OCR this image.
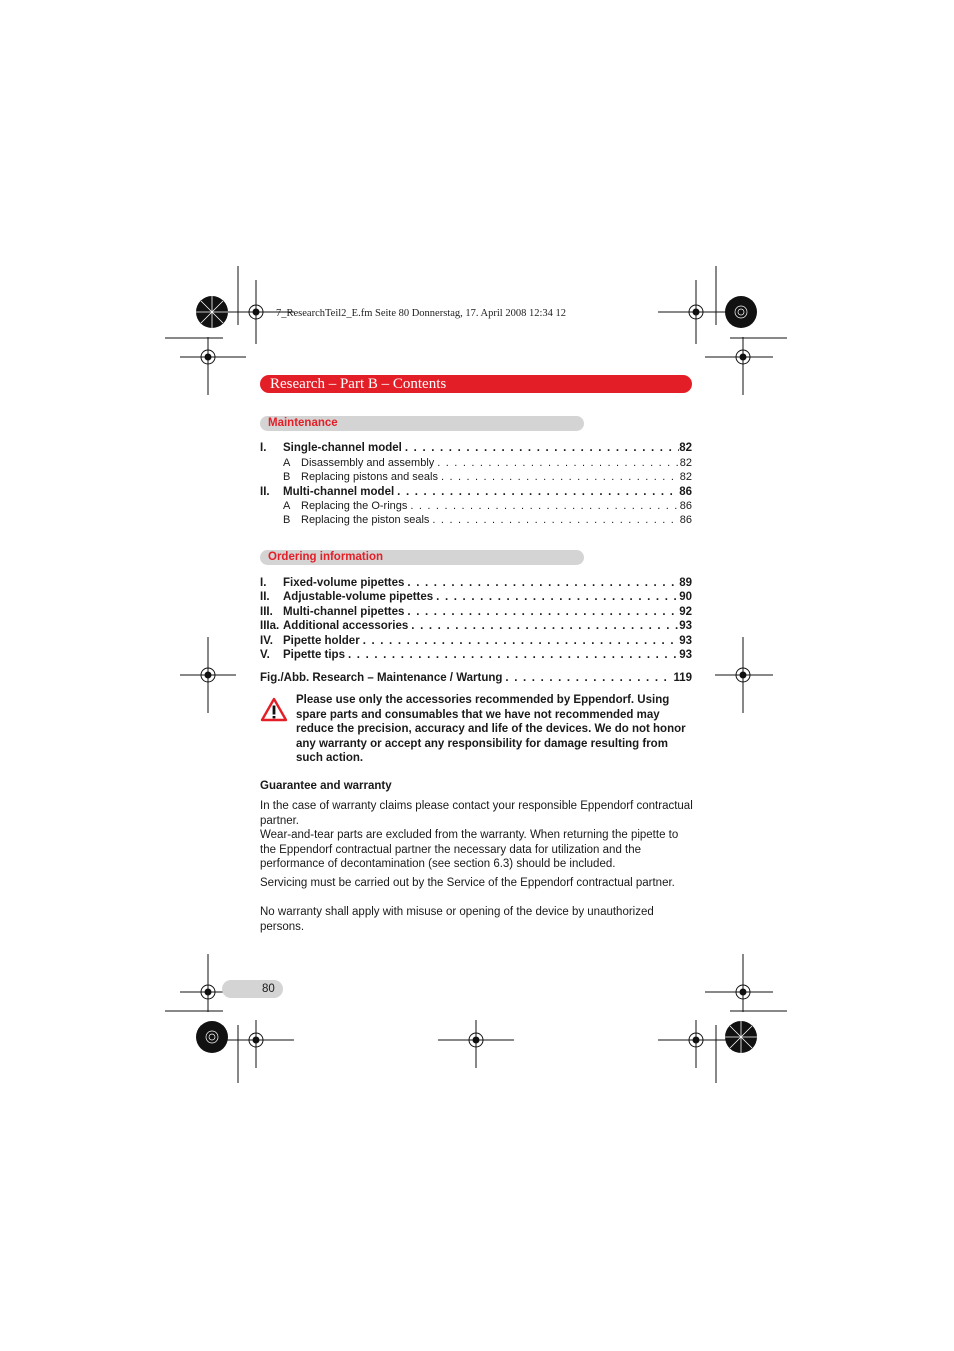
7_ResearchTeil2_E.fm Seite 80 Donnerstag, 17. April 2008 12:34 12
Research – Part B – Contents
Maintenance
I.	Single-channel model . . .	82
A Disassembly and assembly . . .	82
B Replacing pistons and seals . . .	82
II.	Multi-channel model . . .	86
A Replacing the O-rings . . .	86
B Replacing the piston seals . . .	86
Ordering information
I.	Fixed-volume pipettes . . .	89
II.	Adjustable-volume pipettes . . .	90
III. Multi-channel pipettes . . .	92
IIIa. Additional accessories . . .	93
IV. Pipette holder . . .	93
V.	Pipette tips . . .	93
Fig./Abb. Research – Maintenance / Wartung . . .	119
Please use only the accessories recommended by Eppendorf. Using spare parts and consumables that we have not recommended may reduce the precision, accuracy and life of the devices. We do not honor any warranty or accept any responsibility for damage resulting from such action.
Guarantee and warranty
In the case of warranty claims please contact your responsible Eppendorf contractual partner.
Wear-and-tear parts are excluded from the warranty. When returning the pipette to the Eppendorf contractual partner the necessary data for utilization and the performance of decontamination (see section 6.3) should be included.
Servicing must be carried out by the Service of the Eppendorf contractual partner.
No warranty shall apply with misuse or opening of the device by unauthorized persons.
80
